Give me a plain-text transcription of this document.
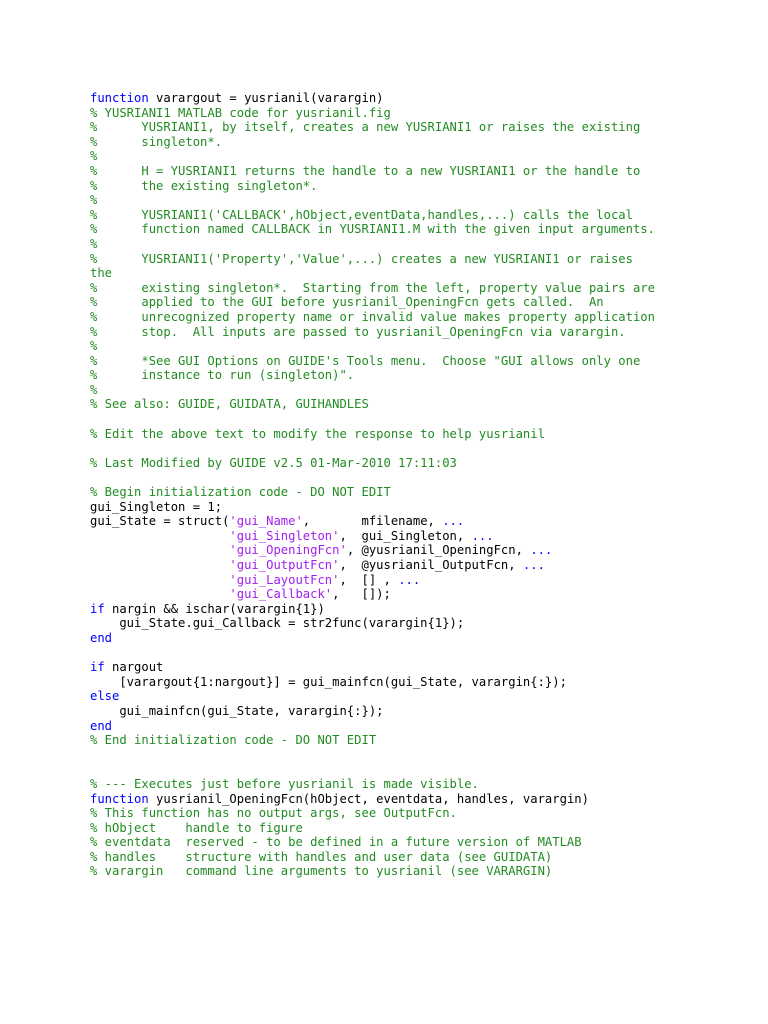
function varargout = yusrianil(varargin)
% YUSRIANI1 MATLAB code for yusrianil.fig
%      YUSRIANI1, by itself, creates a new YUSRIANI1 or raises the existing
%      singleton*.
%
%      H = YUSRIANI1 returns the handle to a new YUSRIANI1 or the handle to
%      the existing singleton*.
%
%      YUSRIANI1('CALLBACK',hObject,eventData,handles,...) calls the local
%      function named CALLBACK in YUSRIANI1.M with the given input arguments.
%
%      YUSRIANI1('Property','Value',...) creates a new YUSRIANI1 or raises
the
%      existing singleton*.  Starting from the left, property value pairs are
%      applied to the GUI before yusrianil_OpeningFcn gets called.  An
%      unrecognized property name or invalid value makes property application
%      stop.  All inputs are passed to yusrianil_OpeningFcn via varargin.
%
%      *See GUI Options on GUIDE's Tools menu.  Choose "GUI allows only one
%      instance to run (singleton)".
%
% See also: GUIDE, GUIDATA, GUIHANDLES

% Edit the above text to modify the response to help yusrianil

% Last Modified by GUIDE v2.5 01-Mar-2010 17:11:03

% Begin initialization code - DO NOT EDIT
gui_Singleton = 1;
gui_State = struct('gui_Name',       mfilename, ...
'gui_Singleton',  gui_Singleton, ...
'gui_OpeningFcn', @yusrianil_OpeningFcn, ...
'gui_OutputFcn',  @yusrianil_OutputFcn, ...
'gui_LayoutFcn',  [] , ...
'gui_Callback',   []);
if nargin && ischar(varargin{1})
gui_State.gui_Callback = str2func(varargin{1});
end

if nargout
[varargout{1:nargout}] = gui_mainfcn(gui_State, varargin{:});
else
gui_mainfcn(gui_State, varargin{:});
end
% End initialization code - DO NOT EDIT

% --- Executes just before yusrianil is made visible.
function yusrianil_OpeningFcn(hObject, eventdata, handles, varargin)
% This function has no output args, see OutputFcn.
% hObject    handle to figure
% eventdata  reserved - to be defined in a future version of MATLAB
% handles    structure with handles and user data (see GUIDATA)
% varargin   command line arguments to yusrianil (see VARARGIN)
